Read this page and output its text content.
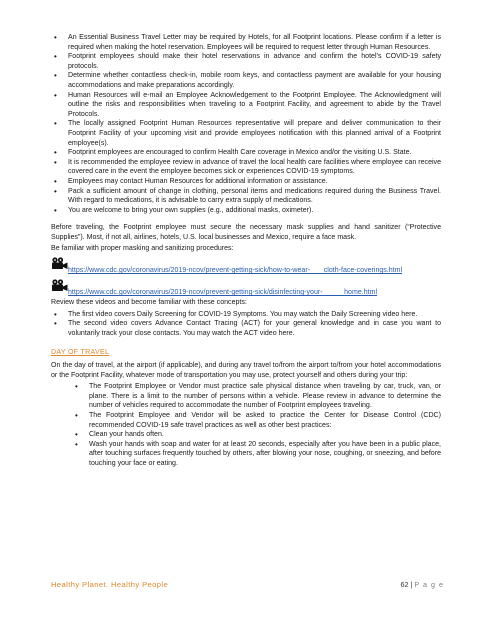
• An Essential Business Travel Letter may be required by Hotels, for all Footprint locations. Please confirm if a letter is required when making the hotel reservation. Employees will be required to request letter through Human Resources.
• Footprint employees should make their hotel reservations in advance and confirm the hotel’s COVID-19 safety protocols.
• Determine whether contactless check-in, mobile room keys, and contactless payment are available for your housing accommodations and make preparations accordingly.
• Human Resources will e-mail an Employee Acknowledgement to the Footprint Employee. The Acknowledgment will outline the risks and responsibilities when traveling to a Footprint Facility, and agreement to abide by the Travel Protocols.
• The locally assigned Footprint Human Resources representative will prepare and deliver communication to their Footprint Facility of your upcoming visit and provide employees notification with this planned arrival of a Footprint employee(s).
• Footprint employees are encouraged to confirm Health Care coverage in Mexico and/or the visiting U.S. State.
• It is recommended the employee review in advance of travel the local health care facilities where employee can receive covered care in the event the employee becomes sick or experiences COVID-19 symptoms.
• Employees may contact Human Resources for additional information or assistance.
• Pack a sufficient amount of change in clothing, personal items and medications required during the Business Travel. With regard to medications, it is advisable to carry extra supply of medications.
• You are welcome to bring your own supplies (e.g., additional masks, oximeter).

Before traveling, the Footprint employee must secure the necessary mask supplies and hand sanitizer (“Protective Supplies”). Most, if not all, airlines, hotels, U.S. local businesses and Mexico, require a face mask.

Be familiar with proper masking and sanitizing procedures:

https://www.cdc.gov/coronavirus/2019-ncov/prevent-getting-sick/how-to-wear-       cloth-face-coverings.html
https://www.cdc.gov/coronavirus/2019-ncov/prevent-getting-sick/disinfecting-your-           home.html

Review these videos and become familiar with these concepts:

• The first video covers Daily Screening for COVID-19 Symptoms. You may watch the Daily Screening video here.
• The second video covers Advance Contact Tracing (ACT) for your general knowledge and in case you want to voluntarily track your close contacts. You may watch the ACT video here.
DAY OF TRAVEL

On the day of travel, at the airport (if applicable), and during any travel to/from the airport to/from your hotel accommodations or the Footprint Facility, whatever mode of transportation you may use, protect yourself and others during your trip:

• The Footprint Employee or Vendor must practice safe physical distance when traveling by car, truck, van, or plane. There is a limit to the number of persons within a vehicle. Please review in advance to determine the number of vehicles required to accommodate the number of Footprint employees traveling.
• The Footprint Employee and Vendor will be asked to practice the Center for Disease Control (CDC) recommended COVID-19 safe travel practices as well as other best practices:
• Clean your hands often.
• Wash your hands with soap and water for at least 20 seconds, especially after you have been in a public place, after touching surfaces frequently touched by others, after blowing your nose, coughing, or sneezing, and before touching your face or eating.
Healthy Planet. Healthy People	62 | P a g e
